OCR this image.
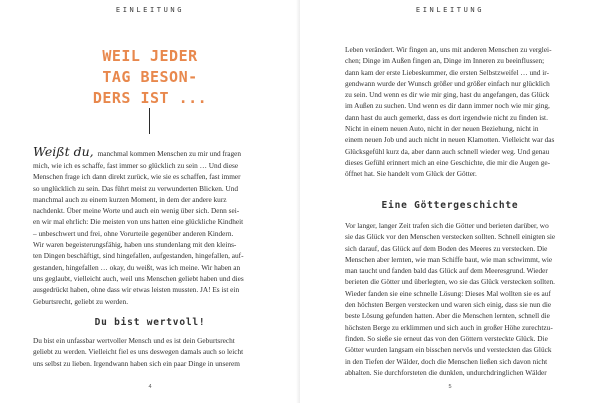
EINLEITUNG
WEIL JEDER
TAG BESON-
DERS IST ...

Weißt du, manchmal kommen Menschen zu mir und fragen
mich, wie ich es schaffe, fast immer so glücklich zu sein … Und diese
Menschen frage ich dann direkt zurück, wie sie es schaffen, fast immer
so unglücklich zu sein. Das führt meist zu verwunderten Blicken. Und
manchmal auch zu einem kurzen Moment, in dem der andere kurz
nachdenkt. Über meine Worte und auch ein wenig über sich. Denn sei-
en wir mal ehrlich: Die meisten von uns hatten eine glückliche Kindheit
– unbeschwert und frei, ohne Vorurteile gegenüber anderen Kindern.
Wir waren begeisterungsfähig, haben uns stundenlang mit den kleins-
ten Dingen beschäftigt, sind hingefallen, aufgestanden, hingefallen, auf-
gestanden, hingefallen … okay, du weißt, was ich meine. Wir haben an
uns geglaubt, vielleicht auch, weil uns Menschen geliebt haben und dies
ausgedrückt haben, ohne dass wir etwas leisten mussten. JA! Es ist ein
Geburtsrecht, geliebt zu werden.

Du bist wertvoll!

Du bist ein unfassbar wertvoller Mensch und es ist dein Geburtsrecht
geliebt zu werden. Vielleicht fiel es uns deswegen damals auch so leicht
uns selbst zu lieben. Irgendwann haben sich ein paar Dinge in unserem

4
EINLEITUNG

Leben verändert. Wir fingen an, uns mit anderen Menschen zu verglei-
chen; Dinge im Außen fingen an, Dinge im Inneren zu beeinflussen;
dann kam der erste Liebeskummer, die ersten Selbstzweifel … und ir-
gendwann wurde der Wunsch größer und größer einfach nur glücklich
zu sein. Und wenn es dir wie mir ging, hast du angefangen, das Glück
im Außen zu suchen. Und wenn es dir dann immer noch wie mir ging,
dann hast du auch gemerkt, dass es dort irgendwie nicht zu finden ist.
Nicht in einem neuen Auto, nicht in der neuen Beziehung, nicht in
einem neuen Job und auch nicht in neuen Klamotten. Vielleicht war das
Glücksgefühl kurz da, aber dann auch schnell wieder weg. Und genau
dieses Gefühl erinnert mich an eine Geschichte, die mir die Augen ge-
öffnet hat. Sie handelt vom Glück der Götter.

Eine Göttergeschichte

Vor langer, langer Zeit trafen sich die Götter und berieten darüber, wo
sie das Glück vor den Menschen verstecken sollten. Schnell einigten sie
sich darauf, das Glück auf dem Boden des Meeres zu verstecken. Die
Menschen aber lernten, wie man Schiffe baut, wie man schwimmt, wie
man taucht und fanden bald das Glück auf dem Meeresgrund. Wieder
berieten die Götter und überlegten, wo sie das Glück verstecken sollten.
Wieder fanden sie eine schnelle Lösung: Dieses Mal wollten sie es auf
den höchsten Bergen verstecken und waren sich einig, dass sie nun die
beste Lösung gefunden hatten. Aber die Menschen lernten, schnell die
höchsten Berge zu erklimmen und sich auch in großer Höhe zurechtzu-
finden. So sieße sie erneut das von den Göttern versteckte Glück. Die
Götter wurden langsam ein bisschen nervös und versteckten das Glück
in den Tiefen der Wälder, doch die Menschen ließen sich davon nicht
abhalten. Sie durchforsteten die dunklen, undurchdringlichen Wälder

5
